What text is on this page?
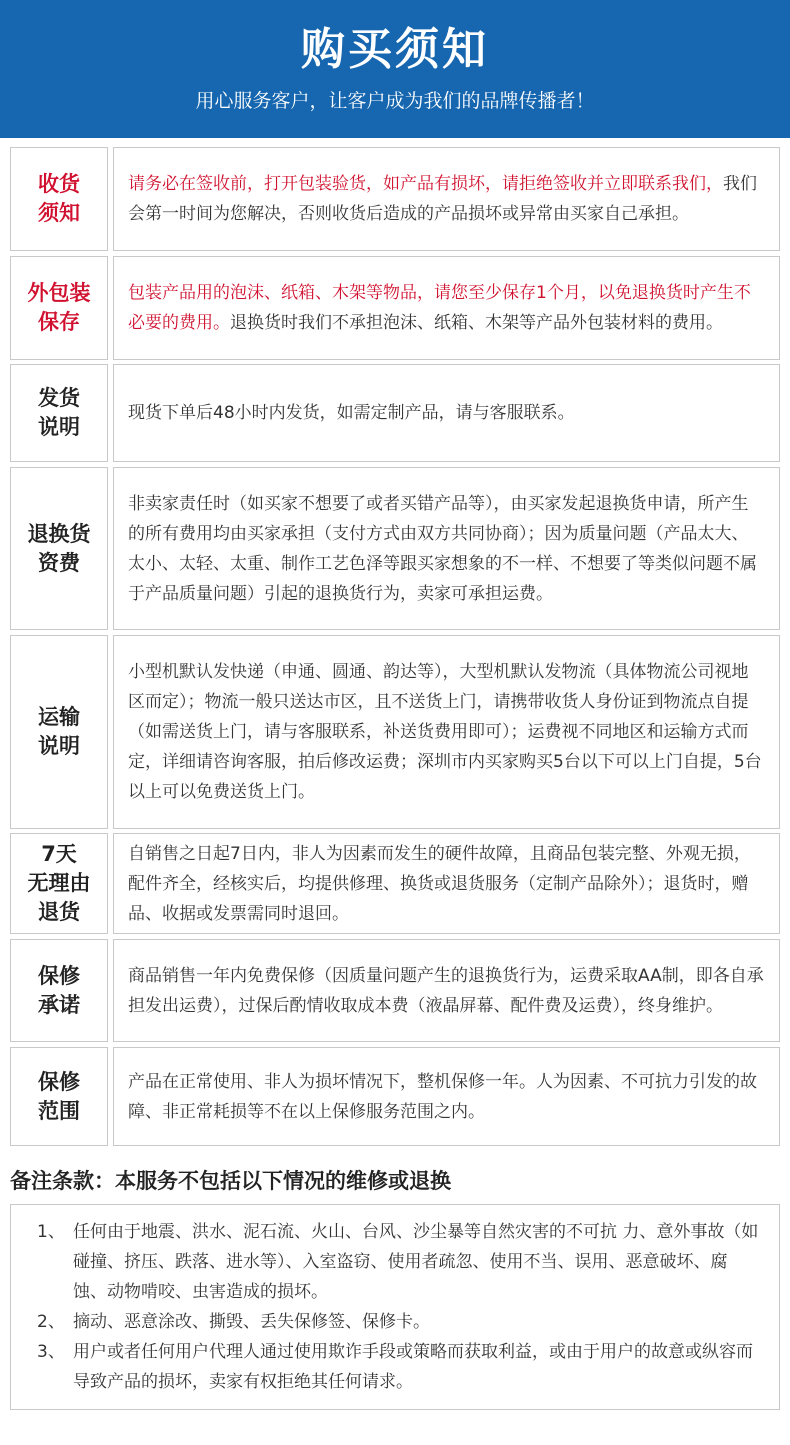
购买须知
用心服务客户，让客户成为我们的品牌传播者！
收货
须知
请务必在签收前，打开包装验货，如产品有损坏，请拒绝签收并立即联系我们，我们会第一时间为您解决，否则收货后造成的产品损坏或异常由买家自己承担。
外包装
保存
包装产品用的泡沫、纸箱、木架等物品，请您至少保存1个月，以免退换货时产生不必要的费用。退换货时我们不承担泡沫、纸箱、木架等产品外包装材料的费用。
发货
说明
现货下单后48小时内发货，如需定制产品，请与客服联系。
退换货
资费
非卖家责任时（如买家不想要了或者买错产品等），由买家发起退换货申请，所产生的所有费用均由买家承担（支付方式由双方共同协商）；因为质量问题（产品太大、太小、太轻、太重、制作工艺色泽等跟买家想象的不一样、不想要了等类似问题不属于产品质量问题）引起的退换货行为，卖家可承担运费。
运输
说明
小型机默认发快递（申通、圆通、韵达等），大型机默认发物流（具体物流公司视地区而定）；物流一般只送达市区，且不送货上门，请携带收货人身份证到物流点自提（如需送货上门，请与客服联系，补送货费用即可）；运费视不同地区和运输方式而定，详细请咨询客服，拍后修改运费；深圳市内买家购买5台以下可以上门自提，5台以上可以免费送货上门。
7天
无理由
退货
自销售之日起7日内，非人为因素而发生的硬件故障，且商品包装完整、外观无损，配件齐全，经核实后，均提供修理、换货或退货服务（定制产品除外）；退货时，赠品、收据或发票需同时退回。
保修
承诺
商品销售一年内免费保修（因质量问题产生的退换货行为，运费采取AA制，即各自承担发出运费），过保后酌情收取成本费（液晶屏幕、配件费及运费），终身维护。
保修
范围
产品在正常使用、非人为损坏情况下，整机保修一年。人为因素、不可抗力引发的故障、非正常耗损等不在以上保修服务范围之内。
备注条款：本服务不包括以下情况的维修或退换
1、 任何由于地震、洪水、泥石流、火山、台风、沙尘暴等自然灾害的不可抗 力、意外事故（如碰撞、挤压、跌落、进水等）、入室盗窃、使用者疏忽、使用不当、误用、恶意破坏、腐蚀、动物啃咬、虫害造成的损坏。
2、 摘动、恶意涂改、撕毁、丢失保修签、保修卡。
3、 用户或者任何用户代理人通过使用欺诈手段或策略而获取利益，或由于用户的故意或纵容而导致产品的损坏，卖家有权拒绝其任何请求。
